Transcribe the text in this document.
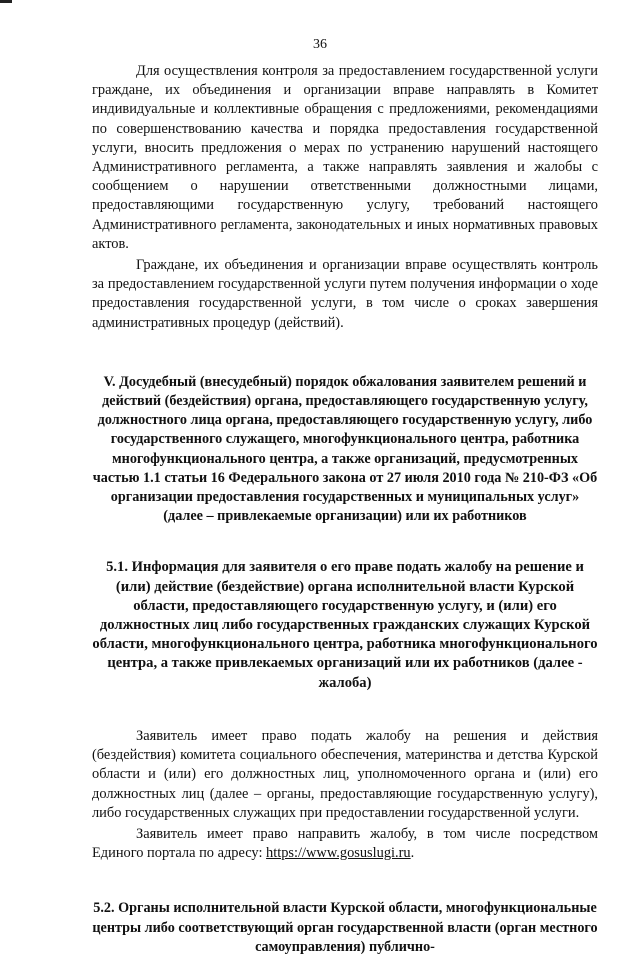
36

Для осуществления контроля за предоставлением государственной услуги граждане, их объединения и организации вправе направлять в Комитет индивидуальные и коллективные обращения с предложениями, рекомендациями по совершенствованию качества и порядка предоставления государственной услуги, вносить предложения о мерах по устранению нарушений настоящего Административного регламента, а также направлять заявления и жалобы с сообщением о нарушении ответственными должностными лицами, предоставляющими государственную услугу, требований настоящего Административного регламента, законодательных и иных нормативных правовых актов.

Граждане, их объединения и организации вправе осуществлять контроль за предоставлением государственной услуги путем получения информации о ходе предоставления государственной услуги, в том числе о сроках завершения административных процедур (действий).

V. Досудебный (внесудебный) порядок обжалования заявителем решений и действий (бездействия) органа, предоставляющего государственную услугу, должностного лица органа, предоставляющего государственную услугу, либо государственного служащего, многофункционального центра, работника многофункционального центра, а также организаций, предусмотренных частью 1.1 статьи 16 Федерального закона от 27 июля 2010 года № 210-ФЗ «Об организации предоставления государственных и муниципальных услуг» (далее – привлекаемые организации) или их работников

5.1. Информация для заявителя о его праве подать жалобу на решение и (или) действие (бездействие) органа исполнительной власти Курской области, предоставляющего государственную услугу, и (или) его должностных лиц либо государственных гражданских служащих Курской области, многофункционального центра, работника многофункционального центра, а также привлекаемых организаций или их работников (далее - жалоба)

Заявитель имеет право подать жалобу на решения и действия (бездействия) комитета социального обеспечения, материнства и детства Курской области и (или) его должностных лиц, уполномоченного органа и (или) его должностных лиц (далее – органы, предоставляющие государственную услугу), либо государственных служащих при предоставлении государственной услуги.

Заявитель имеет право направить жалобу, в том числе посредством Единого портала по адресу: https://www.gosuslugi.ru.

5.2. Органы исполнительной власти Курской области, многофункциональные центры либо соответствующий орган государственной власти (орган местного самоуправления) публично-
